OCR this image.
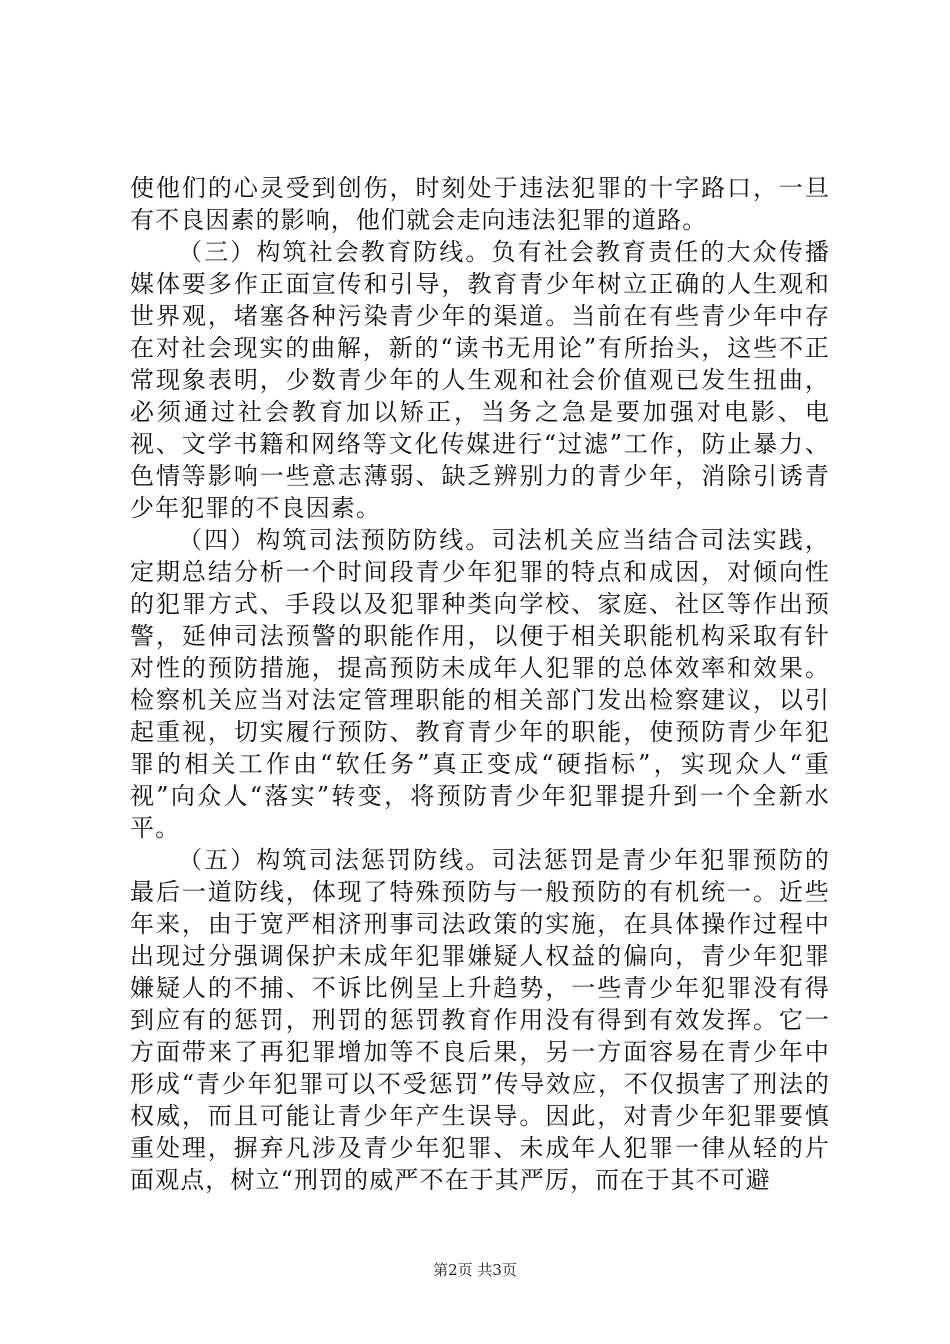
使他们的心灵受到创伤，时刻处于违法犯罪的十字路口，一旦有不良因素的影响，他们就会走向违法犯罪的道路。

（三）构筑社会教育防线。负有社会教育责任的大众传播媒体要多作正面宣传和引导，教育青少年树立正确的人生观和世界观，堵塞各种污染青少年的渠道。当前在有些青少年中存在对社会现实的曲解，新的“读书无用论”有所抬头，这些不正常现象表明，少数青少年的人生观和社会价值观已发生扭曲，必须通过社会教育加以矫正，当务之急是要加强对电影、电视、文学书籍和网络等文化传媒进行“过滤”工作，防止暴力、色情等影响一些意志薄弱、缺乏辨别力的青少年，消除引诱青少年犯罪的不良因素。

（四）构筑司法预防防线。司法机关应当结合司法实践，定期总结分析一个时间段青少年犯罪的特点和成因，对倾向性的犯罪方式、手段以及犯罪种类向学校、家庭、社区等作出预警，延伸司法预警的职能作用，以便于相关职能机构采取有针对性的预防措施，提高预防未成年人犯罪的总体效率和效果。检察机关应当对法定管理职能的相关部门发出检察建议，以引起重视，切实履行预防、教育青少年的职能，使预防青少年犯罪的相关工作由“软任务”真正变成“硬指标”，实现众人“重视”向众人“落实”转变，将预防青少年犯罪提升到一个全新水平。

（五）构筑司法惩罚防线。司法惩罚是青少年犯罪预防的最后一道防线，体现了特殊预防与一般预防的有机统一。近些年来，由于宽严相济刑事司法政策的实施，在具体操作过程中出现过分强调保护未成年犯罪嫌疑人权益的偏向，青少年犯罪嫌疑人的不捕、不诉比例呈上升趋势，一些青少年犯罪没有得到应有的惩罚，刑罚的惩罚教育作用没有得到有效发挥。它一方面带来了再犯罪增加等不良后果，另一方面容易在青少年中形成“青少年犯罪可以不受惩罚”传导效应，不仅损害了刑法的权威，而且可能让青少年产生误导。因此，对青少年犯罪要慎重处理，摒弃凡涉及青少年犯罪、未成年人犯罪一律从轻的片面观点，树立“刑罚的威严不在于其严厉，而在于其不可避

第2页 共3页
